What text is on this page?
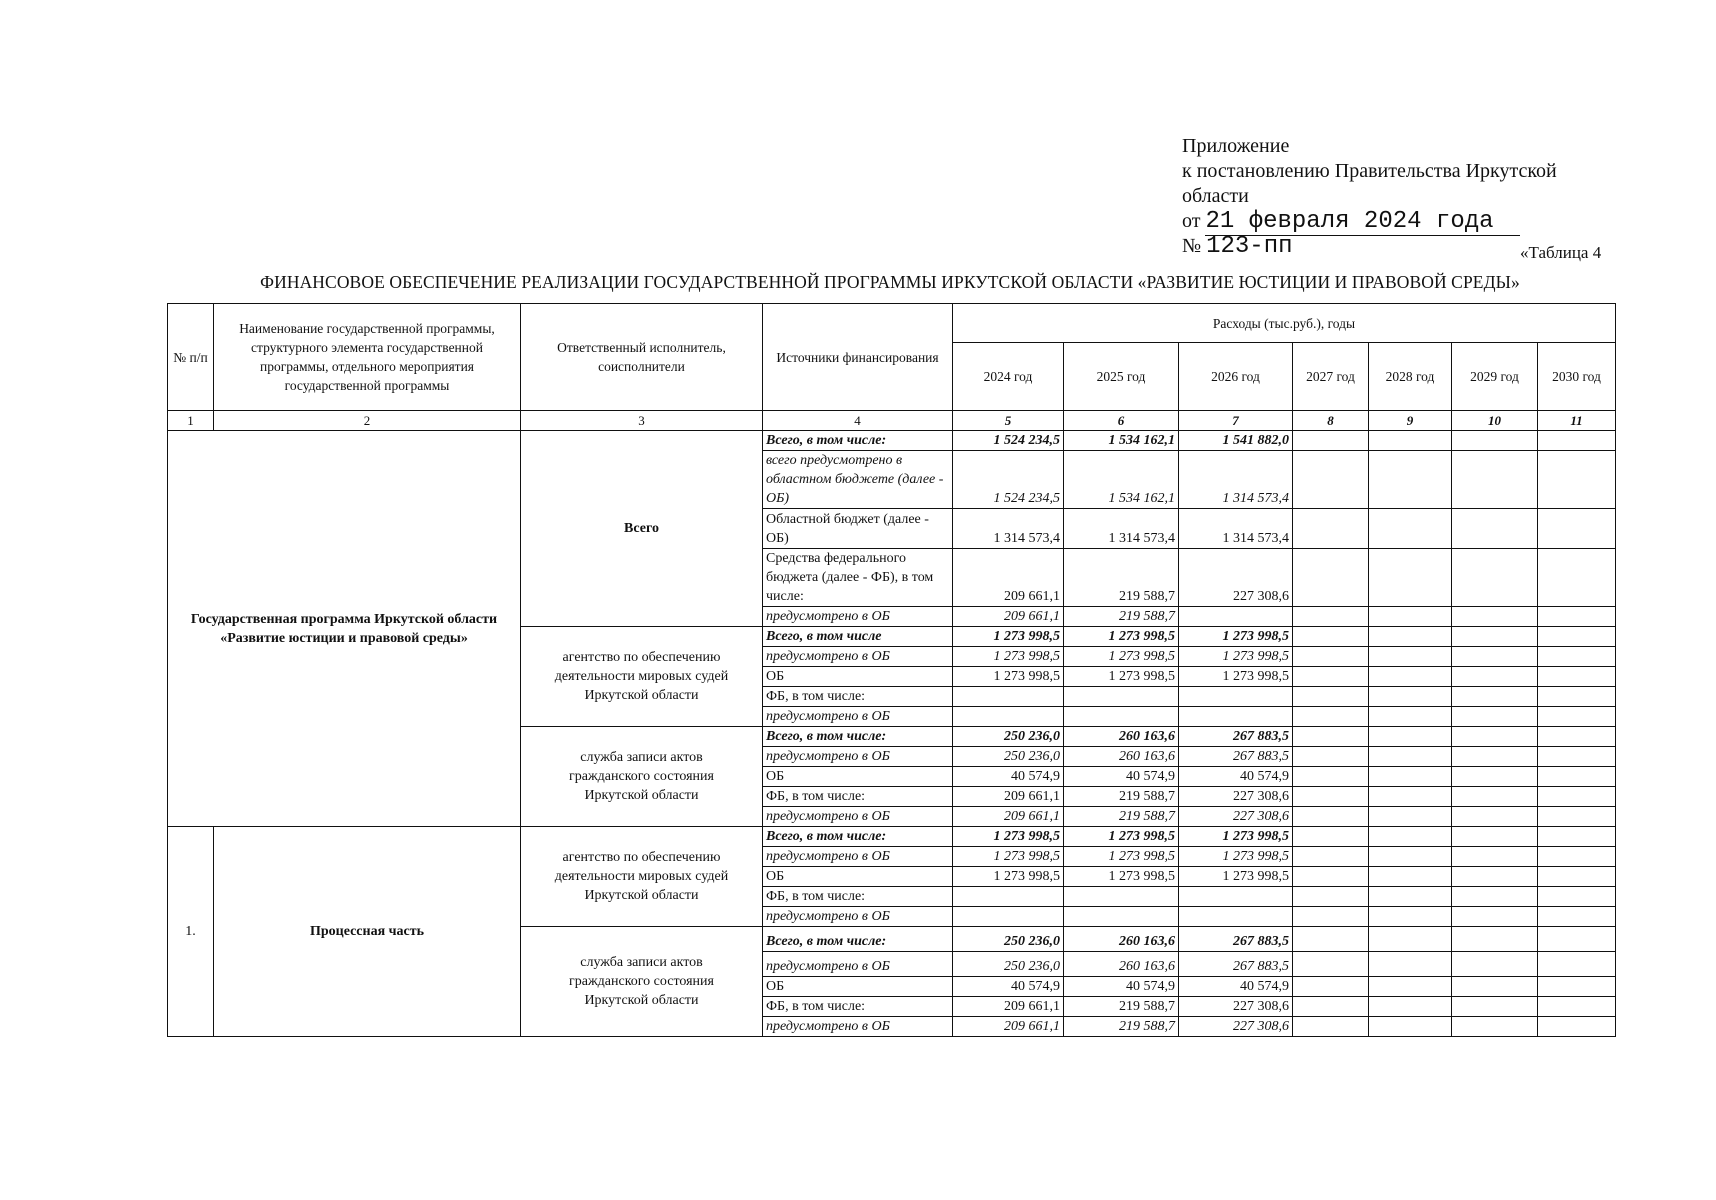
Приложение
к постановлению Правительства Иркутской
области
от 21 февраля 2024 года
№ 123-пп	«Таблица 4
ФИНАНСОВОЕ ОБЕСПЕЧЕНИЕ РЕАЛИЗАЦИИ ГОСУДАРСТВЕННОЙ ПРОГРАММЫ ИРКУТСКОЙ ОБЛАСТИ «РАЗВИТИЕ ЮСТИЦИИ И ПРАВОВОЙ СРЕДЫ»
№ п/п	Наименование государственной программы, структурного элемента государственной программы, отдельного мероприятия государственной программы	Ответственный исполнитель, соисполнители	Источники финансирования	Расходы (тыс.руб.), годы						
				2024 год	2025 год	2026 год	2027 год	2028 год	2029 год	2030 год
1	2	3	4	5	6	7	8	9	10	11
Государственная программа Иркутской области «Развитие юстиции и правовой среды»		Всего	Всего, в том числе:	1 524 234,5	1 534 162,1	1 541 882,0				
			всего предусмотрено в областном бюджете (далее - ОБ)	1 524 234,5	1 534 162,1	1 314 573,4				
			Областной бюджет (далее - ОБ)	1 314 573,4	1 314 573,4	1 314 573,4				
			Средства федерального бюджета (далее - ФБ), в том числе:	209 661,1	219 588,7	227 308,6				
			предусмотрено в ОБ	209 661,1	219 588,7					
		агентство по обеспечению деятельности мировых судей Иркутской области	Всего, в том числе	1 273 998,5	1 273 998,5	1 273 998,5				
			предусмотрено в ОБ	1 273 998,5	1 273 998,5	1 273 998,5				
			ОБ	1 273 998,5	1 273 998,5	1 273 998,5				
			ФБ, в том числе:							
			предусмотрено в ОБ							
		служба записи актов гражданского состояния Иркутской области	Всего, в том числе:	250 236,0	260 163,6	267 883,5				
			предусмотрено в ОБ	250 236,0	260 163,6	267 883,5				
			ОБ	40 574,9	40 574,9	40 574,9				
			ФБ, в том числе:	209 661,1	219 588,7	227 308,6				
			предусмотрено в ОБ	209 661,1	219 588,7	227 308,6				
1.	Процессная часть	агентство по обеспечению деятельности мировых судей Иркутской области	Всего, в том числе:	1 273 998,5	1 273 998,5	1 273 998,5				
			предусмотрено в ОБ	1 273 998,5	1 273 998,5	1 273 998,5				
			ОБ	1 273 998,5	1 273 998,5	1 273 998,5				
			ФБ, в том числе:							
			предусмотрено в ОБ							
		служба записи актов гражданского состояния Иркутской области	Всего, в том числе:	250 236,0	260 163,6	267 883,5				
			предусмотрено в ОБ	250 236,0	260 163,6	267 883,5				
			ОБ	40 574,9	40 574,9	40 574,9				
			ФБ, в том числе:	209 661,1	219 588,7	227 308,6				
			предусмотрено в ОБ	209 661,1	219 588,7	227 308,6				
